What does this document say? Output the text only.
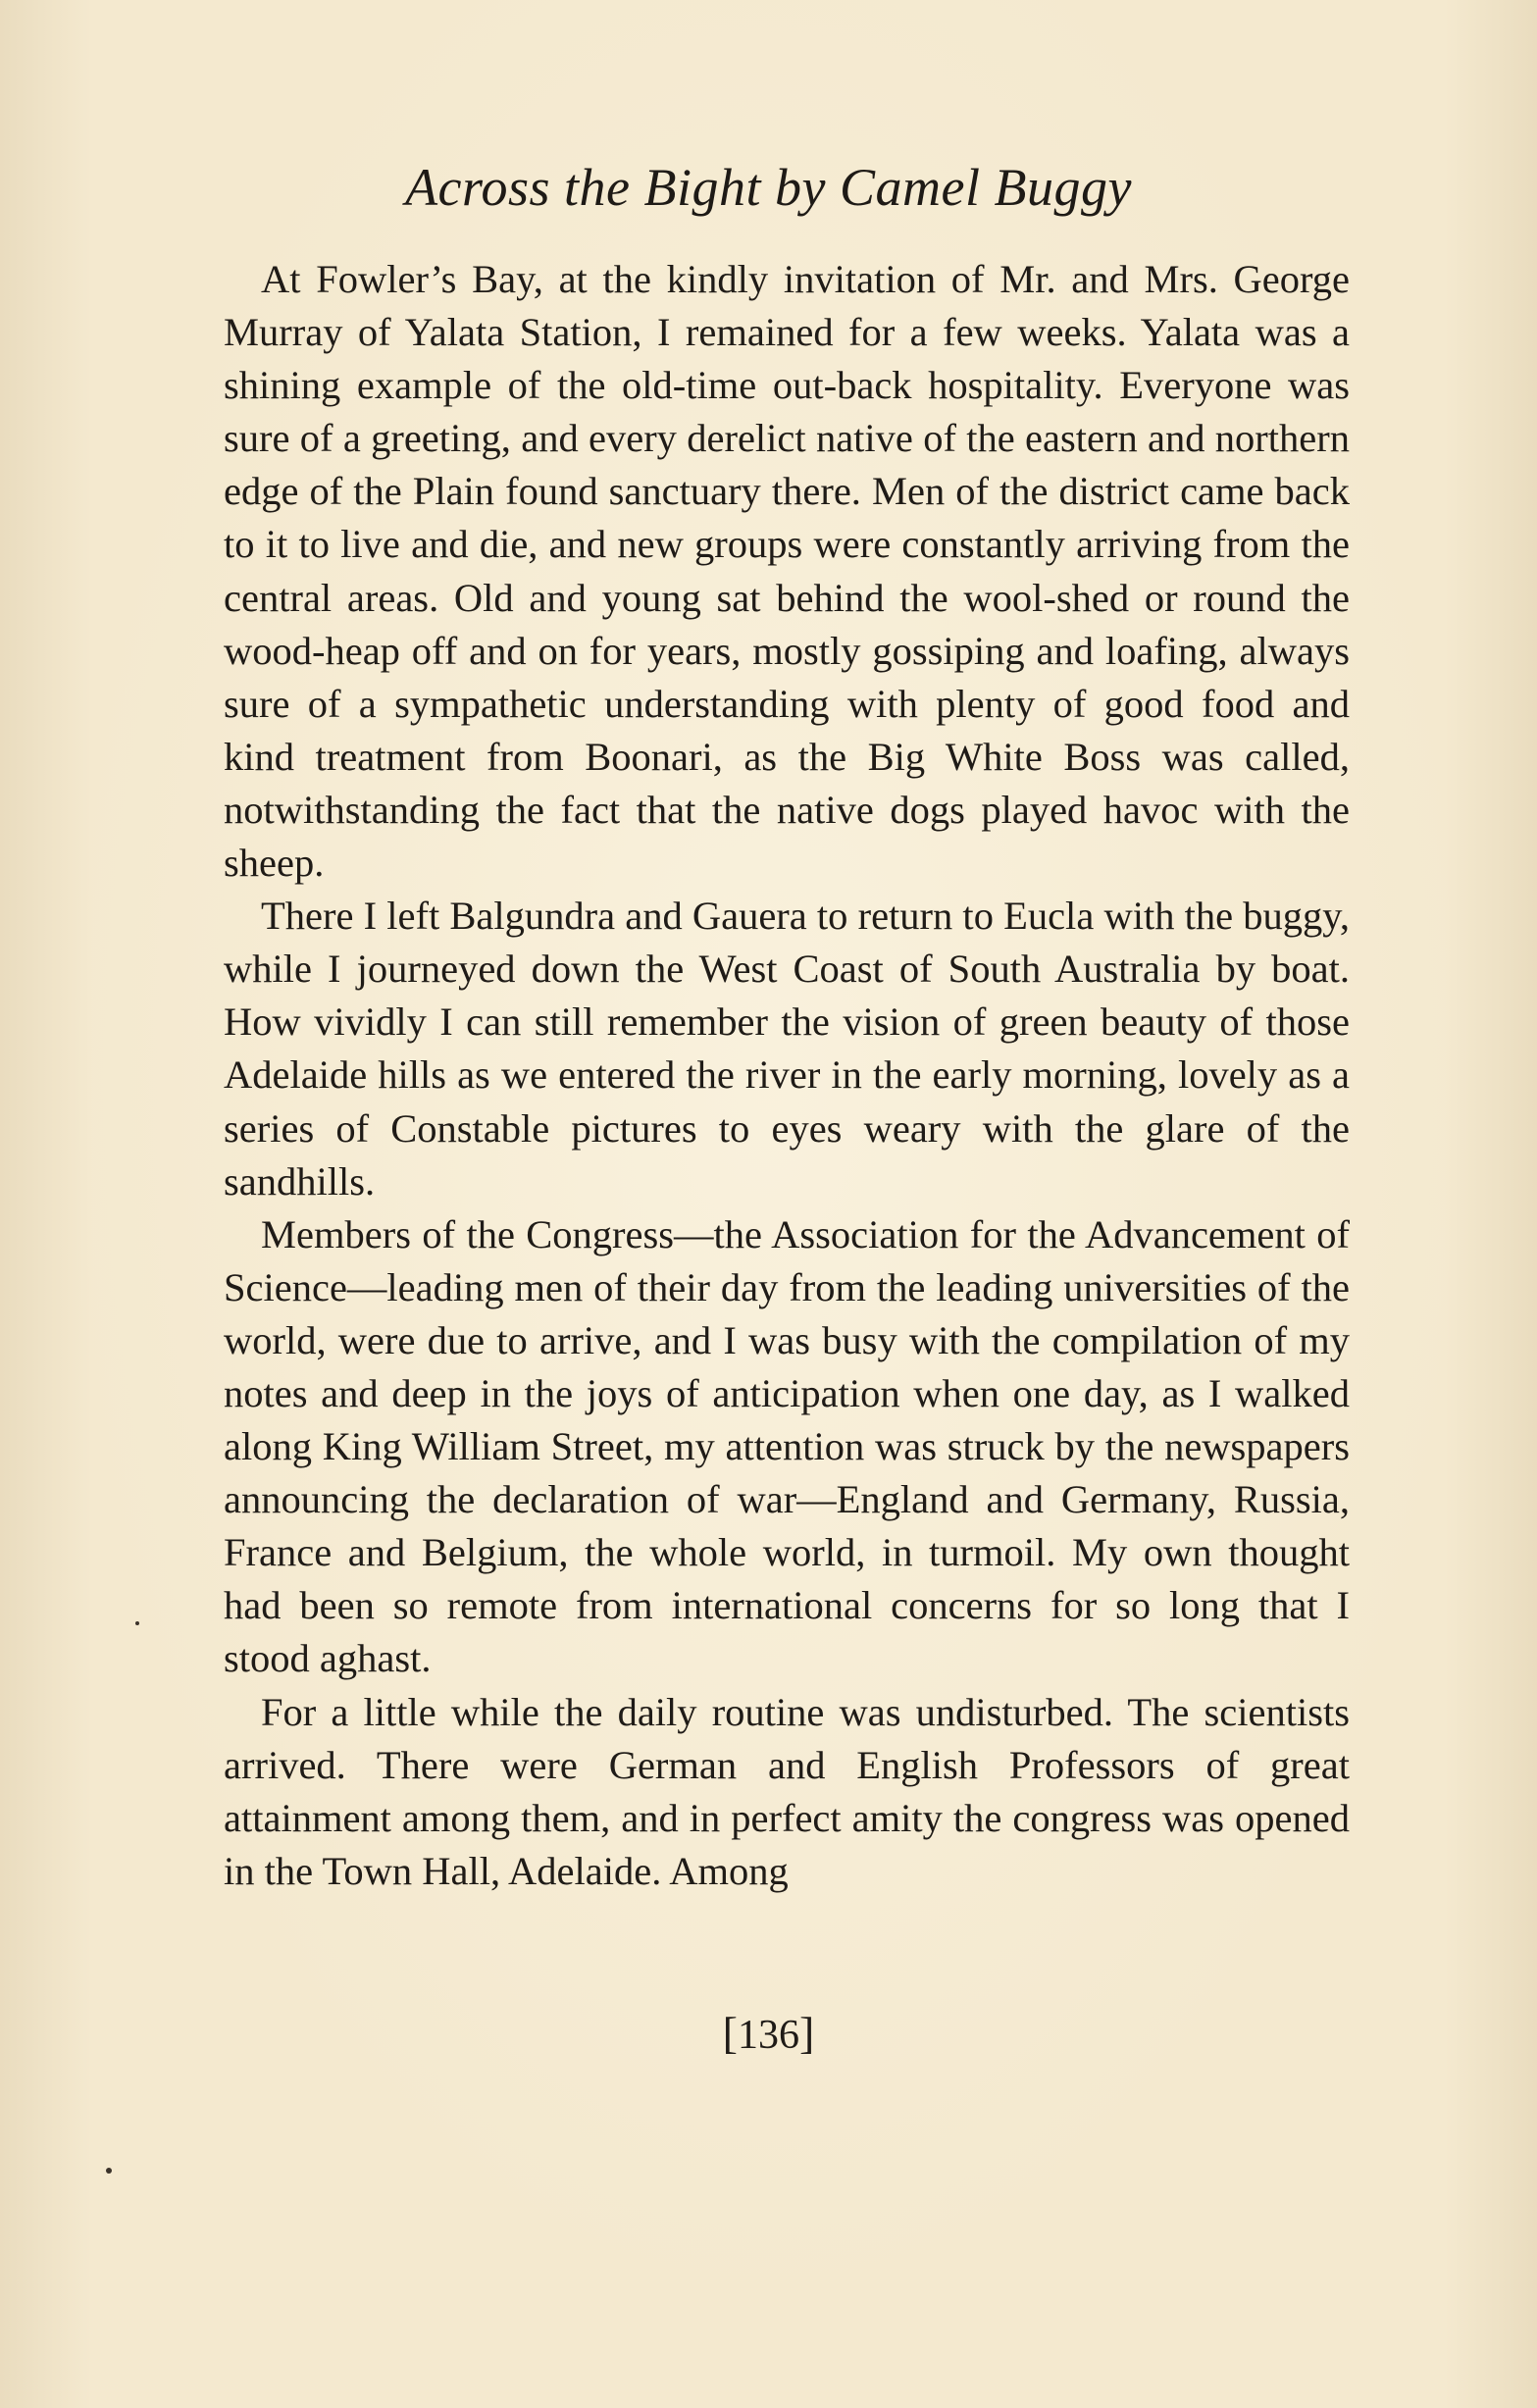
Across the Bight by Camel Buggy

At Fowler’s Bay, at the kindly invitation of Mr. and Mrs. George Murray of Yalata Station, I remained for a few weeks. Yalata was a shining example of the old-time out-back hospitality. Everyone was sure of a greeting, and every derelict native of the eastern and northern edge of the Plain found sanctuary there. Men of the district came back to it to live and die, and new groups were constantly arriving from the central areas. Old and young sat behind the wool-shed or round the wood-heap off and on for years, mostly gossiping and loafing, always sure of a sympathetic understanding with plenty of good food and kind treatment from Boonari, as the Big White Boss was called, notwithstanding the fact that the native dogs played havoc with the sheep.

There I left Balgundra and Gauera to return to Eucla with the buggy, while I journeyed down the West Coast of South Australia by boat. How vividly I can still remember the vision of green beauty of those Adelaide hills as we entered the river in the early morning, lovely as a series of Constable pictures to eyes weary with the glare of the sandhills.

Members of the Congress—the Association for the Advancement of Science—leading men of their day from the leading universities of the world, were due to arrive, and I was busy with the compilation of my notes and deep in the joys of anticipation when one day, as I walked along King William Street, my attention was struck by the newspapers announcing the declaration of war—England and Germany, Russia, France and Belgium, the whole world, in turmoil. My own thought had been so remote from international concerns for so long that I stood aghast.

For a little while the daily routine was undisturbed. The scientists arrived. There were German and English Professors of great attainment among them, and in perfect amity the congress was opened in the Town Hall, Adelaide. Among

[136]
